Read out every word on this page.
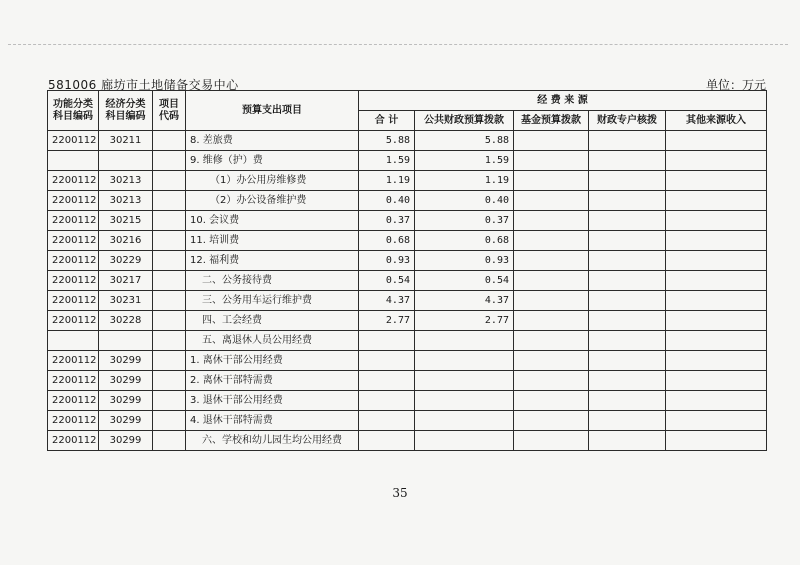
581006 廊坊市土地储备交易中心	单位：万元
功能分类科目编码	经济分类科目编码	项目代码	预算支出项目	经 费 来 源				
				合 计	公共财政预算拨款	基金预算拨款	财政专户核拨	其他来源收入
2200112	30211		8. 差旅费	5.88	5.88			
			9. 维修（护）费	1.59	1.59			
2200112	30213		（1）办公用房维修费	1.19	1.19			
2200112	30213		（2）办公设备维护费	0.40	0.40			
2200112	30215		10. 会议费	0.37	0.37			
2200112	30216		11. 培训费	0.68	0.68			
2200112	30229		12. 福利费	0.93	0.93			
2200112	30217		二、公务接待费	0.54	0.54			
2200112	30231		三、公务用车运行维护费	4.37	4.37			
2200112	30228		四、工会经费	2.77	2.77			
			五、离退休人员公用经费					
2200112	30299		1. 离休干部公用经费					
2200112	30299		2. 离休干部特需费					
2200112	30299		3. 退休干部公用经费					
2200112	30299		4. 退休干部特需费					
2200112	30299		六、学校和幼儿园生均公用经费					
35
